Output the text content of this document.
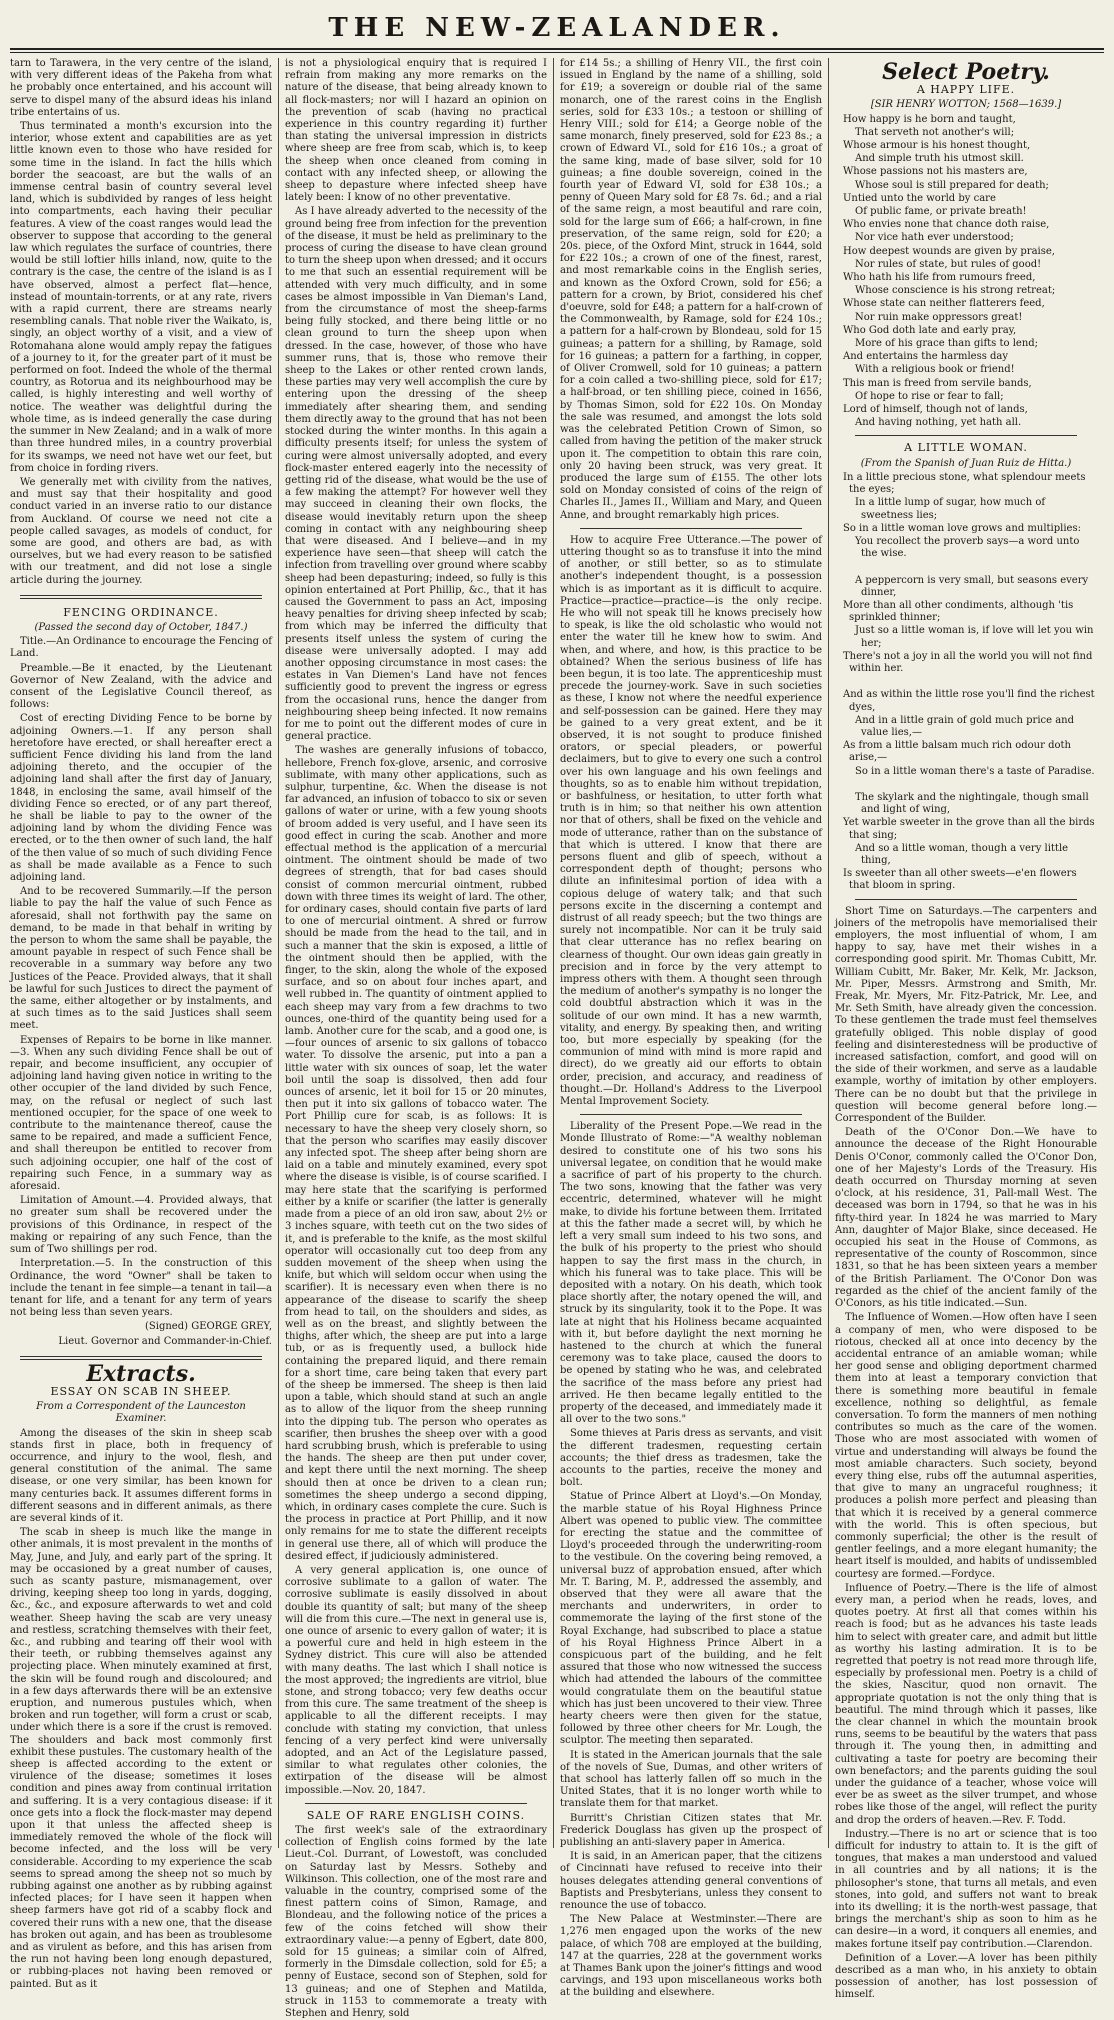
THE NEW-ZEALANDER.

tarn to Tarawera, in the very centre of the island, with very different ideas of the Pakeha from what he probably once entertained, and his account will serve to dispel many of the absurd ideas his inland tribe entertains of us.

Thus terminated a month's excursion into the interior, whose extent and capabilities are as yet little known even to those who have resided for some time in the island. In fact the hills which border the seacoast, are but the walls of an immense central basin of country several level land, which is subdivided by ranges of less height into compartments, each having their peculiar features. A view of the coast ranges would lead the observer to suppose that according to the general law which regulates the surface of countries, there would be still loftier hills inland, now, quite to the contrary is the case, the centre of the island is as I have observed, almost a perfect flat—hence, instead of mountain-torrents, or at any rate, rivers with a rapid current, there are streams nearly resembling canals. That noble river the Waikato, is, singly, an object worthy of a visit, and a view of Rotomahana alone would amply repay the fatigues of a journey to it, for the greater part of it must be performed on foot. Indeed the whole of the thermal country, as Rotorua and its neighbourhood may be called, is highly interesting and well worthy of notice. The weather was delightful during the whole time, as is indeed generally the case during the summer in New Zealand; and in a walk of more than three hundred miles, in a country proverbial for its swamps, we need not have wet our feet, but from choice in fording rivers.

We generally met with civility from the natives, and must say that their hospitality and good conduct varied in an inverse ratio to our distance from Auckland. Of course we need not cite a people called savages, as models of conduct, for some are good, and others are bad, as with ourselves, but we had every reason to be satisfied with our treatment, and did not lose a single article during the journey.

FENCING ORDINANCE.
(Passed the second day of October, 1847.)

Title.—An Ordinance to encourage the Fencing of Land.

Preamble.—Be it enacted, by the Lieutenant Governor of New Zealand, with the advice and consent of the Legislative Council thereof, as follows:

Cost of erecting Dividing Fence to be borne by adjoining Owners.—1. If any person shall heretofore have erected, or shall hereafter erect a sufficient Fence dividing his land from the land adjoining thereto, and the occupier of the adjoining land shall after the first day of January, 1848, in enclosing the same, avail himself of the dividing Fence so erected, or of any part thereof, he shall be liable to pay to the owner of the adjoining land by whom the dividing Fence was erected, or to the then owner of such land, the half of the then value of so much of such dividing Fence as shall be made available as a Fence to such adjoining land.

And to be recovered Summarily.—If the person liable to pay the half the value of such Fence as aforesaid, shall not forthwith pay the same on demand, to be made in that behalf in writing by the person to whom the same shall be payable, the amount payable in respect of such Fence shall be recoverable in a summary way before any two Justices of the Peace. Provided always, that it shall be lawful for such Justices to direct the payment of the same, either altogether or by instalments, and at such times as to the said Justices shall seem meet.

Expenses of Repairs to be borne in like manner.—3. When any such dividing Fence shall be out of repair, and become insufficient, any occupier of adjoining land having given notice in writing to the other occupier of the land divided by such Fence, may, on the refusal or neglect of such last mentioned occupier, for the space of one week to contribute to the maintenance thereof, cause the same to be repaired, and made a sufficient Fence, and shall thereupon be entitled to recover from such adjoining occupier, one half of the cost of repairing such Fence, in a summary way as aforesaid.

Limitation of Amount.—4. Provided always, that no greater sum shall be recovered under the provisions of this Ordinance, in respect of the making or repairing of any such Fence, than the sum of Two shillings per rod.

Interpretation.—5. In the construction of this Ordinance, the word "Owner" shall be taken to include the tenant in fee simple—a tenant in tail—a tenant for life, and a tenant for any term of years not being less than seven years.

(Signed) GEORGE GREY,

Lieut. Governor and Commander-in-Chief.

Extracts.
ESSAY ON SCAB IN SHEEP.
From a Correspondent of the Launceston Examiner.

Among the diseases of the skin in sheep scab stands first in place, both in frequency of occurrence, and injury to the wool, flesh, and general constitution of the animal. The same disease, or one very similar, has been known for many centuries back. It assumes different forms in different seasons and in different animals, as there are several kinds of it.

The scab in sheep is much like the mange in other animals, it is most prevalent in the months of May, June, and July, and early part of the spring. It may be occasioned by a great number of causes, such as scanty pasture, mismanagement, over driving, keeping sheep too long in yards, dogging, &c., &c., and exposure afterwards to wet and cold weather. Sheep having the scab are very uneasy and restless, scratching themselves with their feet, &c., and rubbing and tearing off their wool with their teeth, or rubbing themselves against any projecting place. When minutely examined at first, the skin will be found rough and discoloured; and in a few days afterwards there will be an extensive eruption, and numerous pustules which, when broken and run together, will form a crust or scab, under which there is a sore if the crust is removed. The shoulders and back most commonly first exhibit these pustules. The customary health of the sheep is affected according to the extent or virulence of the disease; sometimes it loses condition and pines away from continual irritation and suffering. It is a very contagious disease: if it once gets into a flock the flock-master may depend upon it that unless the affected sheep is immediately removed the whole of the flock will become infected, and the loss will be very considerable. According to my experience the scab seems to spread among the sheep not so much by rubbing against one another as by rubbing against infected places; for I have seen it happen when sheep farmers have got rid of a scabby flock and covered their runs with a new one, that the disease has broken out again, and has been as troublesome and as virulent as before, and this has arisen from the run not having been long enough depastured, or rubbing-places not having been removed or painted. But as it

is not a physiological enquiry that is required I refrain from making any more remarks on the nature of the disease, that being already known to all flock-masters; nor will I hazard an opinion on the prevention of scab (having no practical experience in this country regarding it) further than stating the universal impression in districts where sheep are free from scab, which is, to keep the sheep when once cleaned from coming in contact with any infected sheep, or allowing the sheep to depasture where infected sheep have lately been: I know of no other preventative.

As I have already adverted to the necessity of the ground being free from infection for the prevention of the disease, it must be held as preliminary to the process of curing the disease to have clean ground to turn the sheep upon when dressed; and it occurs to me that such an essential requirement will be attended with very much difficulty, and in some cases be almost impossible in Van Dieman's Land, from the circumstance of most the sheep-farms being fully stocked, and there being little or no clean ground to turn the sheep upon when dressed. In the case, however, of those who have summer runs, that is, those who remove their sheep to the Lakes or other rented crown lands, these parties may very well accomplish the cure by entering upon the dressing of the sheep immediately after shearing them, and sending them directly away to the ground that has not been stocked during the winter months. In this again a difficulty presents itself; for unless the system of curing were almost universally adopted, and every flock-master entered eagerly into the necessity of getting rid of the disease, what would be the use of a few making the attempt? For however well they may succeed in cleaning their own flocks, the disease would inevitably return upon the sheep coming in contact with any neighbouring sheep that were diseased. And I believe—and in my experience have seen—that sheep will catch the infection from travelling over ground where scabby sheep had been depasturing; indeed, so fully is this opinion entertained at Port Phillip, &c., that it has caused the Government to pass an Act, imposing heavy penalties for driving sheep infected by scab; from which may be inferred the difficulty that presents itself unless the system of curing the disease were universally adopted. I may add another opposing circumstance in most cases: the estates in Van Diemen's Land have not fences sufficiently good to prevent the ingress or egress from the occasional runs, hence the danger from neighbouring sheep being infected. It now remains for me to point out the different modes of cure in general practice.

The washes are generally infusions of tobacco, hellebore, French fox-glove, arsenic, and corrosive sublimate, with many other applications, such as sulphur, turpentine, &c. When the disease is not far advanced, an infusion of tobacco to six or seven gallons of water or urine, with a few young shoots of broom added is very useful, and I have seen its good effect in curing the scab. Another and more effectual method is the application of a mercurial ointment. The ointment should be made of two degrees of strength, that for bad cases should consist of common mercurial ointment, rubbed down with three times its weight of lard. The other, for ordinary cases, should contain five parts of lard to one of mercurial ointment. A shred or furrow should be made from the head to the tail, and in such a manner that the skin is exposed, a little of the ointment should then be applied, with the finger, to the skin, along the whole of the exposed surface, and so on about four inches apart, and well rubbed in. The quantity of ointment applied to each sheep may vary from a few drachms to two ounces, one-third of the quantity being used for a lamb. Another cure for the scab, and a good one, is—four ounces of arsenic to six gallons of tobacco water. To dissolve the arsenic, put into a pan a little water with six ounces of soap, let the water boil until the soap is dissolved, then add four ounces of arsenic, let it boil for 15 or 20 minutes, then put it into six gallons of tobacco water. The Port Phillip cure for scab, is as follows: It is necessary to have the sheep very closely shorn, so that the person who scarifies may easily discover any infected spot. The sheep after being shorn are laid on a table and minutely examined, every spot where the disease is visible, is of course scarified. I may here state that the scarifying is performed either by a knife or scarifier (the latter is generally made from a piece of an old iron saw, about 2½ or 3 inches square, with teeth cut on the two sides of it, and is preferable to the knife, as the most skilful operator will occasionally cut too deep from any sudden movement of the sheep when using the knife, but which will seldom occur when using the scarifier). It is necessary even when there is no appearance of the disease to scarify the sheep from head to tail, on the shoulders and sides, as well as on the breast, and slightly between the thighs, after which, the sheep are put into a large tub, or as is frequently used, a bullock hide containing the prepared liquid, and there remain for a short time, care being taken that every part of the sheep be immersed. The sheep is then laid upon a table, which should stand at such an angle as to allow of the liquor from the sheep running into the dipping tub. The person who operates as scarifier, then brushes the sheep over with a good hard scrubbing brush, which is preferable to using the hands. The sheep are then put under cover, and kept there until the next morning. The sheep should then at once be driven to a clean run; sometimes the sheep undergo a second dipping, which, in ordinary cases complete the cure. Such is the process in practice at Port Phillip, and it now only remains for me to state the different receipts in general use there, all of which will produce the desired effect, if judiciously administered.

A very general application is, one ounce of corrosive sublimate to a gallon of water. The corrosive sublimate is easily dissolved in about double its quantity of salt; but many of the sheep will die from this cure.—The next in general use is, one ounce of arsenic to every gallon of water; it is a powerful cure and held in high esteem in the Sydney district. This cure will also be attended with many deaths. The last which I shall notice is the most approved; the ingredients are vitriol, blue stone, and strong tobacco; very few deaths occur from this cure. The same treatment of the sheep is applicable to all the different receipts. I may conclude with stating my conviction, that unless fencing of a very perfect kind were universally adopted, and an Act of the Legislature passed, similar to what regulates other colonies, the extirpation of the disease will be almost impossible.—Nov. 20, 1847.

SALE OF RARE ENGLISH COINS.

The first week's sale of the extraordinary collection of English coins formed by the late Lieut.-Col. Durrant, of Lowestoft, was concluded on Saturday last by Messrs. Sotheby and Wilkinson. This collection, one of the most rare and valuable in the country, comprised some of the finest pattern coins of Simon, Ramage, and Blondeau, and the following notice of the prices a few of the coins fetched will show their extraordinary value:—a penny of Egbert, date 800, sold for 15 guineas; a similar coin of Alfred, formerly in the Dimsdale collection, sold for £5; a penny of Eustace, second son of Stephen, sold for 13 guineas; and one of Stephen and Matilda, struck in 1153 to commemorate a treaty with Stephen and Henry, sold

for £14 5s.; a shilling of Henry VII., the first coin issued in England by the name of a shilling, sold for £19; a sovereign or double rial of the same monarch, one of the rarest coins in the English series, sold for £33 10s.; a testoon or shilling of Henry VIII.; sold for £14; a George noble of the same monarch, finely preserved, sold for £23 8s.; a crown of Edward VI., sold for £16 10s.; a groat of the same king, made of base silver, sold for 10 guineas; a fine double sovereign, coined in the fourth year of Edward VI, sold for £38 10s.; a penny of Queen Mary sold for £8 7s. 6d.; and a rial of the same reign, a most beautiful and rare coin, sold for the large sum of £66; a half-crown, in fine preservation, of the same reign, sold for £20; a 20s. piece, of the Oxford Mint, struck in 1644, sold for £22 10s.; a crown of one of the finest, rarest, and most remarkable coins in the English series, and known as the Oxford Crown, sold for £56; a pattern for a crown, by Briot, considered his chef d'oeuvre, sold for £48; a pattern for a half-crown of the Commonwealth, by Ramage, sold for £24 10s.; a pattern for a half-crown by Blondeau, sold for 15 guineas; a pattern for a shilling, by Ramage, sold for 16 guineas; a pattern for a farthing, in copper, of Oliver Cromwell, sold for 10 guineas; a pattern for a coin called a two-shilling piece, sold for £17; a half-broad, or ten shilling piece, coined in 1656, by Thomas Simon, sold for £22 10s. On Monday the sale was resumed, and amongst the lots sold was the celebrated Petition Crown of Simon, so called from having the petition of the maker struck upon it. The competition to obtain this rare coin, only 20 having been struck, was very great. It produced the large sum of £155. The other lots sold on Monday consisted of coins of the reign of Charles II., James II., William and Mary, and Queen Anne, and brought remarkably high prices.

How to acquire Free Utterance.—The power of uttering thought so as to transfuse it into the mind of another, or still better, so as to stimulate another's independent thought, is a possession which is as important as it is difficult to acquire. Practice—practice—practice—is the only recipe. He who will not speak till he knows precisely how to speak, is like the old scholastic who would not enter the water till he knew how to swim. And when, and where, and how, is this practice to be obtained? When the serious business of life has been begun, it is too late. The apprenticeship must precede the journey-work. Save in such societies as these, I know not where the needful experience and self-possession can be gained. Here they may be gained to a very great extent, and be it observed, it is not sought to produce finished orators, or special pleaders, or powerful declaimers, but to give to every one such a control over his own language and his own feelings and thoughts, so as to enable him without trepidation, or bashfulness, or hesitation, to utter forth what truth is in him; so that neither his own attention nor that of others, shall be fixed on the vehicle and mode of utterance, rather than on the substance of that which is uttered. I know that there are persons fluent and glib of speech, without a correspondent depth of thought; persons who dilute an infinitesimal portion of idea with a copious deluge of watery talk; and that such persons excite in the discerning a contempt and distrust of all ready speech; but the two things are surely not incompatible. Nor can it be truly said that clear utterance has no reflex bearing on clearness of thought. Our own ideas gain greatly in precision and in force by the very attempt to impress others with them. A thought seen through the medium of another's sympathy is no longer the cold doubtful abstraction which it was in the solitude of our own mind. It has a new warmth, vitality, and energy. By speaking then, and writing too, but more especially by speaking (for the communion of mind with mind is more rapid and direct), do we greatly aid our efforts to obtain order, precision, and accuracy, and readiness of thought.—Dr. Holland's Address to the Liverpool Mental Improvement Society.

Liberality of the Present Pope.—We read in the Monde Illustrato of Rome:—"A wealthy nobleman desired to constitute one of his two sons his universal legatee, on condition that he would make a sacrifice of part of his property to the church. The two sons, knowing that the father was very eccentric, determined, whatever will he might make, to divide his fortune between them. Irritated at this the father made a secret will, by which he left a very small sum indeed to his two sons, and the bulk of his property to the priest who should happen to say the first mass in the church, in which his funeral was to take place. This will be deposited with a notary. On his death, which took place shortly after, the notary opened the will, and struck by its singularity, took it to the Pope. It was late at night that his Holiness became acquainted with it, but before daylight the next morning he hastened to the church at which the funeral ceremony was to take place, caused the doors to be opened by stating who he was, and celebrated the sacrifice of the mass before any priest had arrived. He then became legally entitled to the property of the deceased, and immediately made it all over to the two sons."

Some thieves at Paris dress as servants, and visit the different tradesmen, requesting certain accounts; the thief dress as tradesmen, take the accounts to the parties, receive the money and bolt.

Statue of Prince Albert at Lloyd's.—On Monday, the marble statue of his Royal Highness Prince Albert was opened to public view. The committee for erecting the statue and the committee of Lloyd's proceeded through the underwriting-room to the vestibule. On the covering being removed, a universal buzz of approbation ensued, after which Mr. T. Baring, M. P., addressed the assembly, and observed that they were all aware that the merchants and underwriters, in order to commemorate the laying of the first stone of the Royal Exchange, had subscribed to place a statue of his Royal Highness Prince Albert in a conspicuous part of the building, and he felt assured that those who now witnessed the success which had attended the labours of the committee would congratulate them on the beautiful statue which has just been uncovered to their view. Three hearty cheers were then given for the statue, followed by three other cheers for Mr. Lough, the sculptor. The meeting then separated.

It is stated in the American journals that the sale of the novels of Sue, Dumas, and other writers of that school has latterly fallen off so much in the United States, that it is no longer worth while to translate them for that market.

Burritt's Christian Citizen states that Mr. Frederick Douglass has given up the prospect of publishing an anti-slavery paper in America.

It is said, in an American paper, that the citizens of Cincinnati have refused to receive into their houses delegates attending general conventions of Baptists and Presbyterians, unless they consent to renounce the use of tobacco.

The New Palace at Westminster.—There are 1,276 men engaged upon the works of the new palace, of which 708 are employed at the building, 147 at the quarries, 228 at the government works at Thames Bank upon the joiner's fittings and wood carvings, and 193 upon miscellaneous works both at the building and elsewhere.

Select Poetry.
A HAPPY LIFE.
[SIR HENRY WOTTON; 1568—1639.]
How happy is he born and taught,
That serveth not another's will;
Whose armour is his honest thought,
And simple truth his utmost skill.
Whose passions not his masters are,
Whose soul is still prepared for death;
Untied unto the world by care
Of public fame, or private breath!
Who envies none that chance doth raise,
Nor vice hath ever understood;
How deepest wounds are given by praise,
Nor rules of state, but rules of good!
Who hath his life from rumours freed,
Whose conscience is his strong retreat;
Whose state can neither flatterers feed,
Nor ruin make oppressors great!
Who God doth late and early pray,
More of his grace than gifts to lend;
And entertains the harmless day
With a religious book or friend!
This man is freed from servile bands,
Of hope to rise or fear to fall;
Lord of himself, though not of lands,
And having nothing, yet hath all.
A LITTLE WOMAN.
(From the Spanish of Juan Ruiz de Hitta.)
In a little precious stone, what splendour meets the eyes;
In a little lump of sugar, how much of sweetness lies;
So in a little woman love grows and multiplies:
You recollect the proverb says—a word unto the wise.

A peppercorn is very small, but seasons every dinner,
More than all other condiments, although 'tis sprinkled thinner;
Just so a little woman is, if love will let you win her;
There's not a joy in all the world you will not find within her.

And as within the little rose you'll find the richest dyes,
And in a little grain of gold much price and value lies,—
As from a little balsam much rich odour doth arise,—
So in a little woman there's a taste of Paradise.

The skylark and the nightingale, though small and light of wing,
Yet warble sweeter in the grove than all the birds that sing;
And so a little woman, though a very little thing,
Is sweeter than all other sweets—e'en flowers that bloom in spring.

Short Time on Saturdays.—The carpenters and joiners of the metropolis have memorialised their employers, the most influential of whom, I am happy to say, have met their wishes in a corresponding good spirit. Mr. Thomas Cubitt, Mr. William Cubitt, Mr. Baker, Mr. Kelk, Mr. Jackson, Mr. Piper, Messrs. Armstrong and Smith, Mr. Freak, Mr. Myers, Mr. Fitz-Patrick, Mr. Lee, and Mr. Seth Smith, have already given the concession. To these gentlemen the trade must feel themselves gratefully obliged. This noble display of good feeling and disinterestedness will be productive of increased satisfaction, comfort, and good will on the side of their workmen, and serve as a laudable example, worthy of imitation by other employers. There can be no doubt but that the privilege in question will become general before long.—Correspondent of the Builder.

Death of the O'Conor Don.—We have to announce the decease of the Right Honourable Denis O'Conor, commonly called the O'Conor Don, one of her Majesty's Lords of the Treasury. His death occurred on Thursday morning at seven o'clock, at his residence, 31, Pall-mall West. The deceased was born in 1794, so that he was in his fifty-third year. In 1824 he was married to Mary Ann, daughter of Major Blake, since deceased. He occupied his seat in the House of Commons, as representative of the county of Roscommon, since 1831, so that he has been sixteen years a member of the British Parliament. The O'Conor Don was regarded as the chief of the ancient family of the O'Conors, as his title indicated.—Sun.

The Influence of Women.—How often have I seen a company of men, who were disposed to be riotous, checked all at once into decency by the accidental entrance of an amiable woman; while her good sense and obliging deportment charmed them into at least a temporary conviction that there is something more beautiful in female excellence, nothing so delightful, as female conversation. To form the manners of men nothing contributes so much as the care of the women. Those who are most associated with women of virtue and understanding will always be found the most amiable characters. Such society, beyond every thing else, rubs off the autumnal asperities, that give to many an ungraceful roughness; it produces a polish more perfect and pleasing than that which it is received by a general commerce with the world. This is often specious, but commonly superficial; the other is the result of gentler feelings, and a more elegant humanity; the heart itself is moulded, and habits of undissembled courtesy are formed.—Fordyce.

Influence of Poetry.—There is the life of almost every man, a period when he reads, loves, and quotes poetry. At first all that comes within his reach is food; but as he advances his taste leads him to select with greater care, and admit but little as worthy his lasting admiration. It is to be regretted that poetry is not read more through life, especially by professional men. Poetry is a child of the skies, Nascitur, quod non ornavit. The appropriate quotation is not the only thing that is beautiful. The mind through which it passes, like the clear channel in which the mountain brook runs, seems to be beautiful by the waters that pass through it. The young then, in admitting and cultivating a taste for poetry are becoming their own benefactors; and the parents guiding the soul under the guidance of a teacher, whose voice will ever be as sweet as the silver trumpet, and whose robes like those of the angel, will reflect the purity and drop the orders of heaven.—Rev. F. Todd.

Industry.—There is no art or science that is too difficult for industry to attain to. It is the gift of tongues, that makes a man understood and valued in all countries and by all nations; it is the philosopher's stone, that turns all metals, and even stones, into gold, and suffers not want to break into its dwelling; it is the north-west passage, that brings the merchant's ship as soon to him as he can desire—in a word, it conquers all enemies, and makes fortune itself pay contribution.—Clarendon.

Definition of a Lover.—A lover has been pithily described as a man who, in his anxiety to obtain possession of another, has lost possession of himself.
